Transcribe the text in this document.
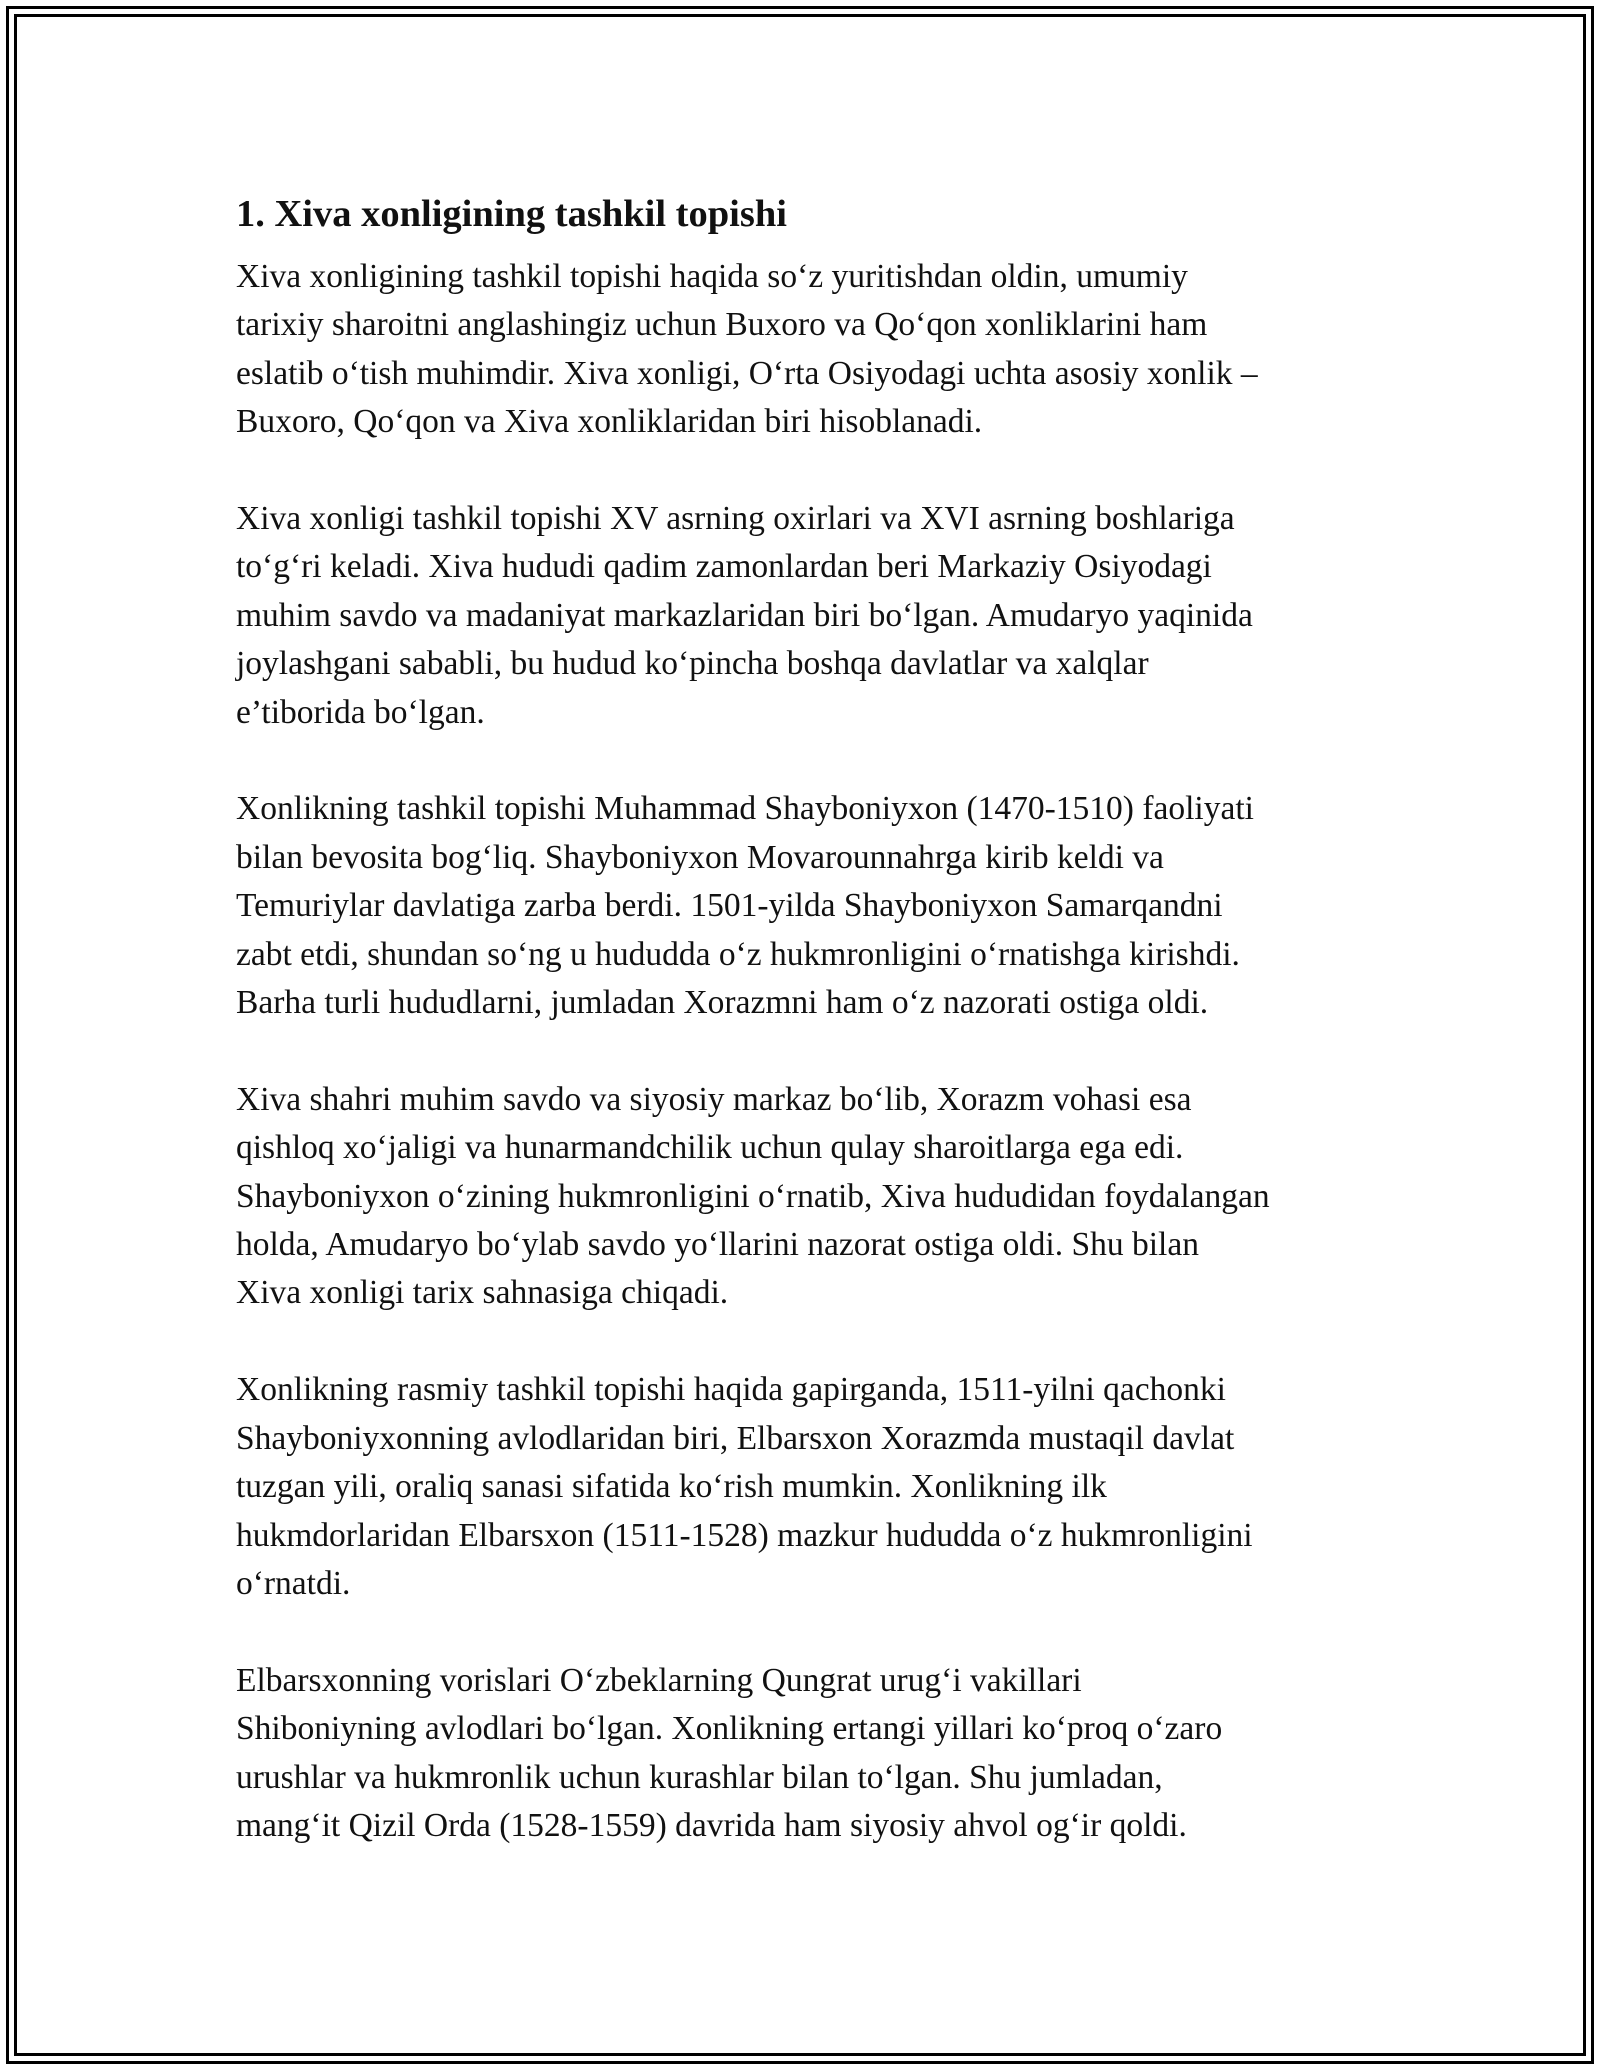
1. Xiva xonligining tashkil topishi
Xiva xonligining tashkil topishi haqida so‘z yuritishdan oldin, umumiy
tarixiy sharoitni anglashingiz uchun Buxoro va Qo‘qon xonliklarini ham
eslatib o‘tish muhimdir. Xiva xonligi, O‘rta Osiyodagi uchta asosiy xonlik –
Buxoro, Qo‘qon va Xiva xonliklaridan biri hisoblanadi.
Xiva xonligi tashkil topishi XV asrning oxirlari va XVI asrning boshlariga
to‘g‘ri keladi. Xiva hududi qadim zamonlardan beri Markaziy Osiyodagi
muhim savdo va madaniyat markazlaridan biri bo‘lgan. Amudaryo yaqinida
joylashgani sababli, bu hudud ko‘pincha boshqa davlatlar va xalqlar
e’tiborida bo‘lgan.
Xonlikning tashkil topishi Muhammad Shayboniyxon (1470-1510) faoliyati
bilan bevosita bog‘liq. Shayboniyxon Movarounnahrga kirib keldi va
Temuriylar davlatiga zarba berdi. 1501-yilda Shayboniyxon Samarqandni
zabt etdi, shundan so‘ng u hududda o‘z hukmronligini o‘rnatishga kirishdi.
Barha turli hududlarni, jumladan Xorazmni ham o‘z nazorati ostiga oldi.
Xiva shahri muhim savdo va siyosiy markaz bo‘lib, Xorazm vohasi esa
qishloq xo‘jaligi va hunarmandchilik uchun qulay sharoitlarga ega edi.
Shayboniyxon o‘zining hukmronligini o‘rnatib, Xiva hududidan foydalangan
holda, Amudaryo bo‘ylab savdo yo‘llarini nazorat ostiga oldi. Shu bilan
Xiva xonligi tarix sahnasiga chiqadi.
Xonlikning rasmiy tashkil topishi haqida gapirganda, 1511-yilni qachonki
Shayboniyxonning avlodlaridan biri, Elbarsxon Xorazmda mustaqil davlat
tuzgan yili, oraliq sanasi sifatida ko‘rish mumkin. Xonlikning ilk
hukmdorlaridan Elbarsxon (1511-1528) mazkur hududda o‘z hukmronligini
o‘rnatdi.
Elbarsxonning vorislari O‘zbeklarning Qungrat urug‘i vakillari
Shiboniyning avlodlari bo‘lgan. Xonlikning ertangi yillari ko‘proq o‘zaro
urushlar va hukmronlik uchun kurashlar bilan to‘lgan. Shu jumladan,
mang‘it Qizil Orda (1528-1559) davrida ham siyosiy ahvol og‘ir qoldi.
